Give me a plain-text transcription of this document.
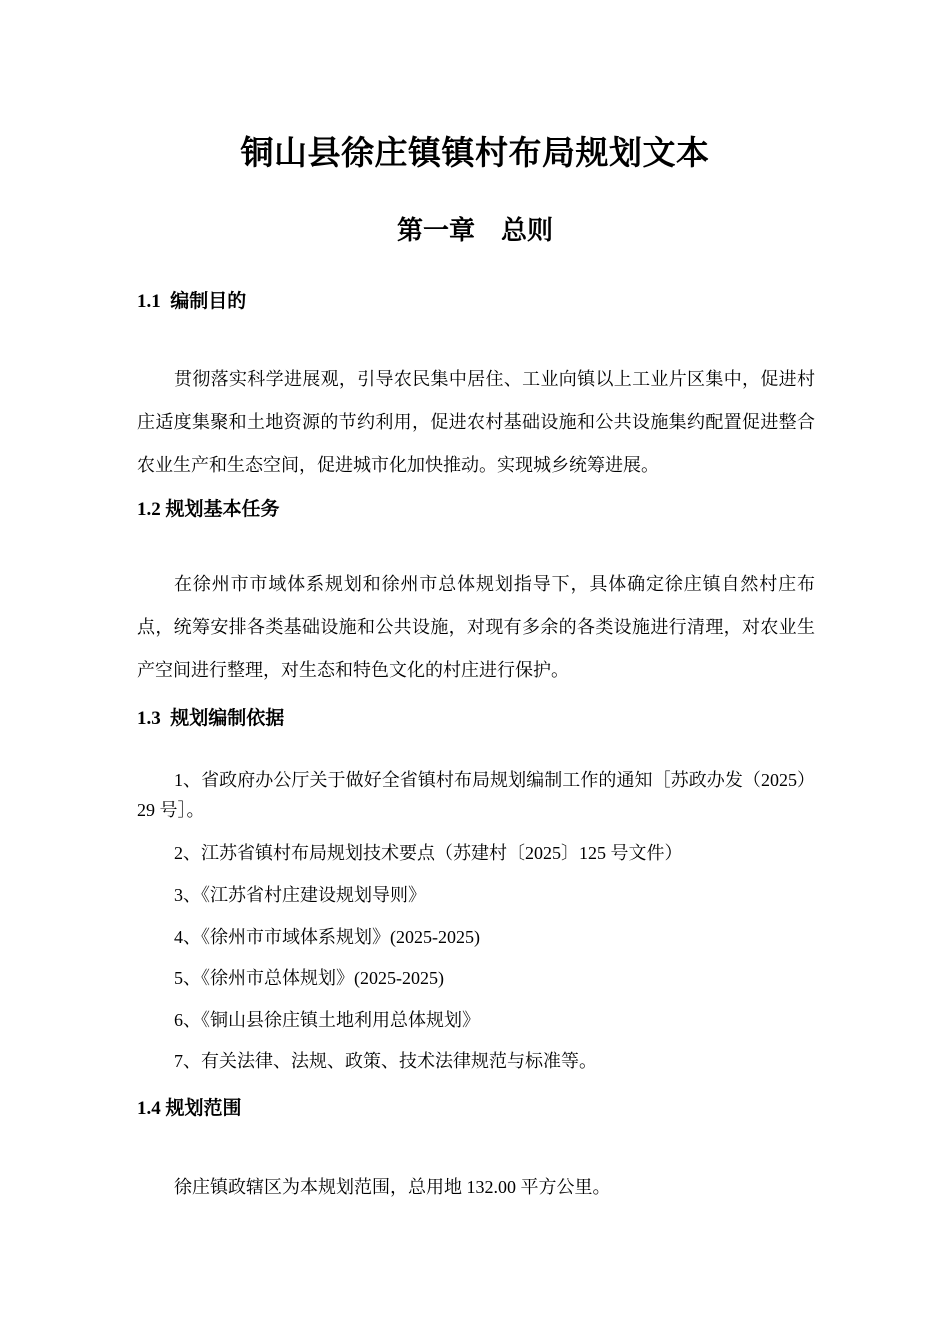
铜山县徐庄镇镇村布局规划文本
第一章　总则
1.1  编制目的

贯彻落实科学进展观，引导农民集中居住、工业向镇以上工业片区集中，促进村庄适度集聚和土地资源的节约利用，促进农村基础设施和公共设施集约配置促进整合农业生产和生态空间，促进城市化加快推动。实现城乡统筹进展。

1.2 规划基本任务

在徐州市市域体系规划和徐州市总体规划指导下，具体确定徐庄镇自然村庄布点，统筹安排各类基础设施和公共设施，对现有多余的各类设施进行清理，对农业生产空间进行整理，对生态和特色文化的村庄进行保护。

1.3  规划编制依据

1、省政府办公厅关于做好全省镇村布局规划编制工作的通知［苏政办发（2025）29 号］。

2、江苏省镇村布局规划技术要点（苏建村〔2025〕125 号文件）
3、《江苏省村庄建设规划导则》
4、《徐州市市域体系规划》(2025-2025)
5、《徐州市总体规划》(2025-2025)
6、《铜山县徐庄镇土地利用总体规划》
7、有关法律、法规、政策、技术法律规范与标准等。
1.4 规划范围

徐庄镇政辖区为本规划范围，总用地 132.00 平方公里。
